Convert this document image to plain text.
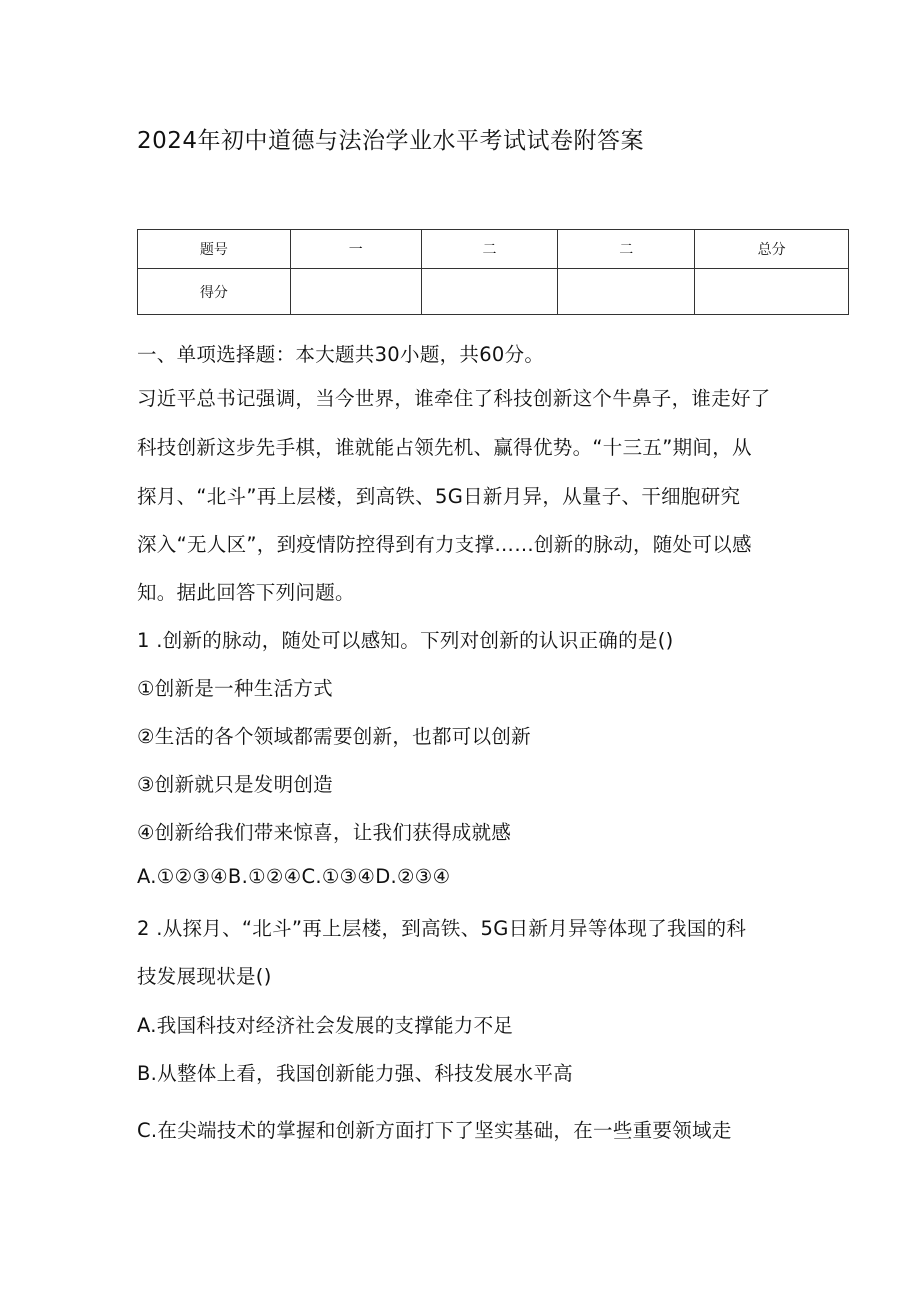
2024年初中道德与法治学业水平考试试卷附答案
题号	一	二	二	总分
得分				
一、单项选择题：本大题共30小题，共60分。
习近平总书记强调，当今世界，谁牵住了科技创新这个牛鼻子，谁走好了
科技创新这步先手棋，谁就能占领先机、赢得优势。“十三五”期间，从
探月、“北斗”再上层楼，到高铁、5G日新月异，从量子、干细胞研究
深入“无人区”，到疫情防控得到有力支撑……创新的脉动，随处可以感
知。据此回答下列问题。
1 .创新的脉动，随处可以感知。下列对创新的认识正确的是()
①创新是一种生活方式
②生活的各个领域都需要创新，也都可以创新
③创新就只是发明创造
④创新给我们带来惊喜，让我们获得成就感
A.①②③④B.①②④C.①③④D.②③④
2 .从探月、“北斗”再上层楼，到高铁、5G日新月异等体现了我国的科
技发展现状是()
A.我国科技对经济社会发展的支撑能力不足
B.从整体上看，我国创新能力强、科技发展水平高
C.在尖端技术的掌握和创新方面打下了坚实基础，在一些重要领域走
